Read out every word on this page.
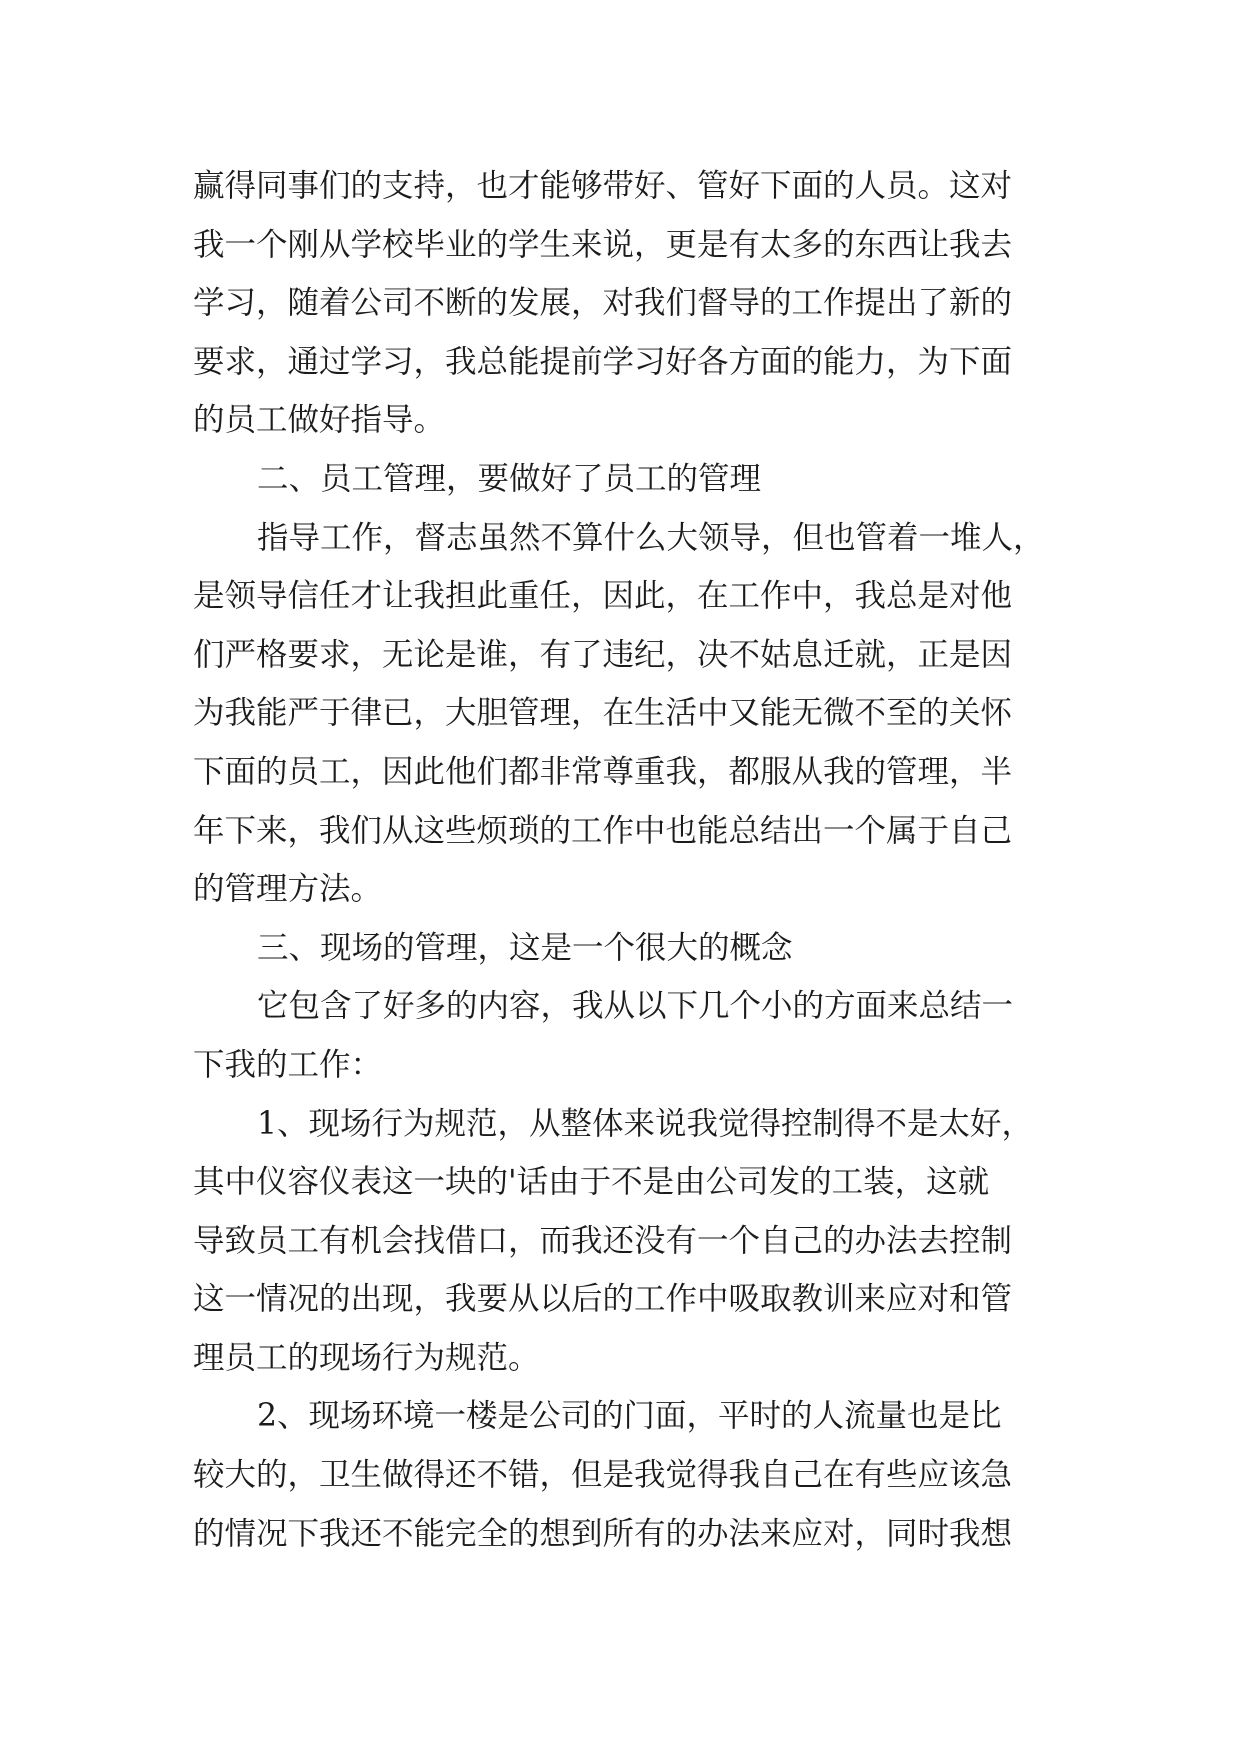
赢得同事们的支持，也才能够带好、管好下面的人员。这对
我一个刚从学校毕业的学生来说，更是有太多的东西让我去
学习，随着公司不断的发展，对我们督导的工作提出了新的
要求，通过学习，我总能提前学习好各方面的能力，为下面
的员工做好指导。
二、员工管理，要做好了员工的管理
指导工作，督志虽然不算什么大领导，但也管着一堆人，
是领导信任才让我担此重任，因此，在工作中，我总是对他
们严格要求，无论是谁，有了违纪，决不姑息迁就，正是因
为我能严于律已，大胆管理，在生活中又能无微不至的关怀
下面的员工，因此他们都非常尊重我，都服从我的管理，半
年下来，我们从这些烦琐的工作中也能总结出一个属于自己
的管理方法。
三、现场的管理，这是一个很大的概念
它包含了好多的内容，我从以下几个小的方面来总结一
下我的工作：
1、现场行为规范，从整体来说我觉得控制得不是太好，
其中仪容仪表这一块的'话由于不是由公司发的工装，这就
导致员工有机会找借口，而我还没有一个自己的办法去控制
这一情况的出现，我要从以后的工作中吸取教训来应对和管
理员工的现场行为规范。
2、现场环境一楼是公司的门面，平时的人流量也是比
较大的，卫生做得还不错，但是我觉得我自己在有些应该急
的情况下我还不能完全的想到所有的办法来应对，同时我想
